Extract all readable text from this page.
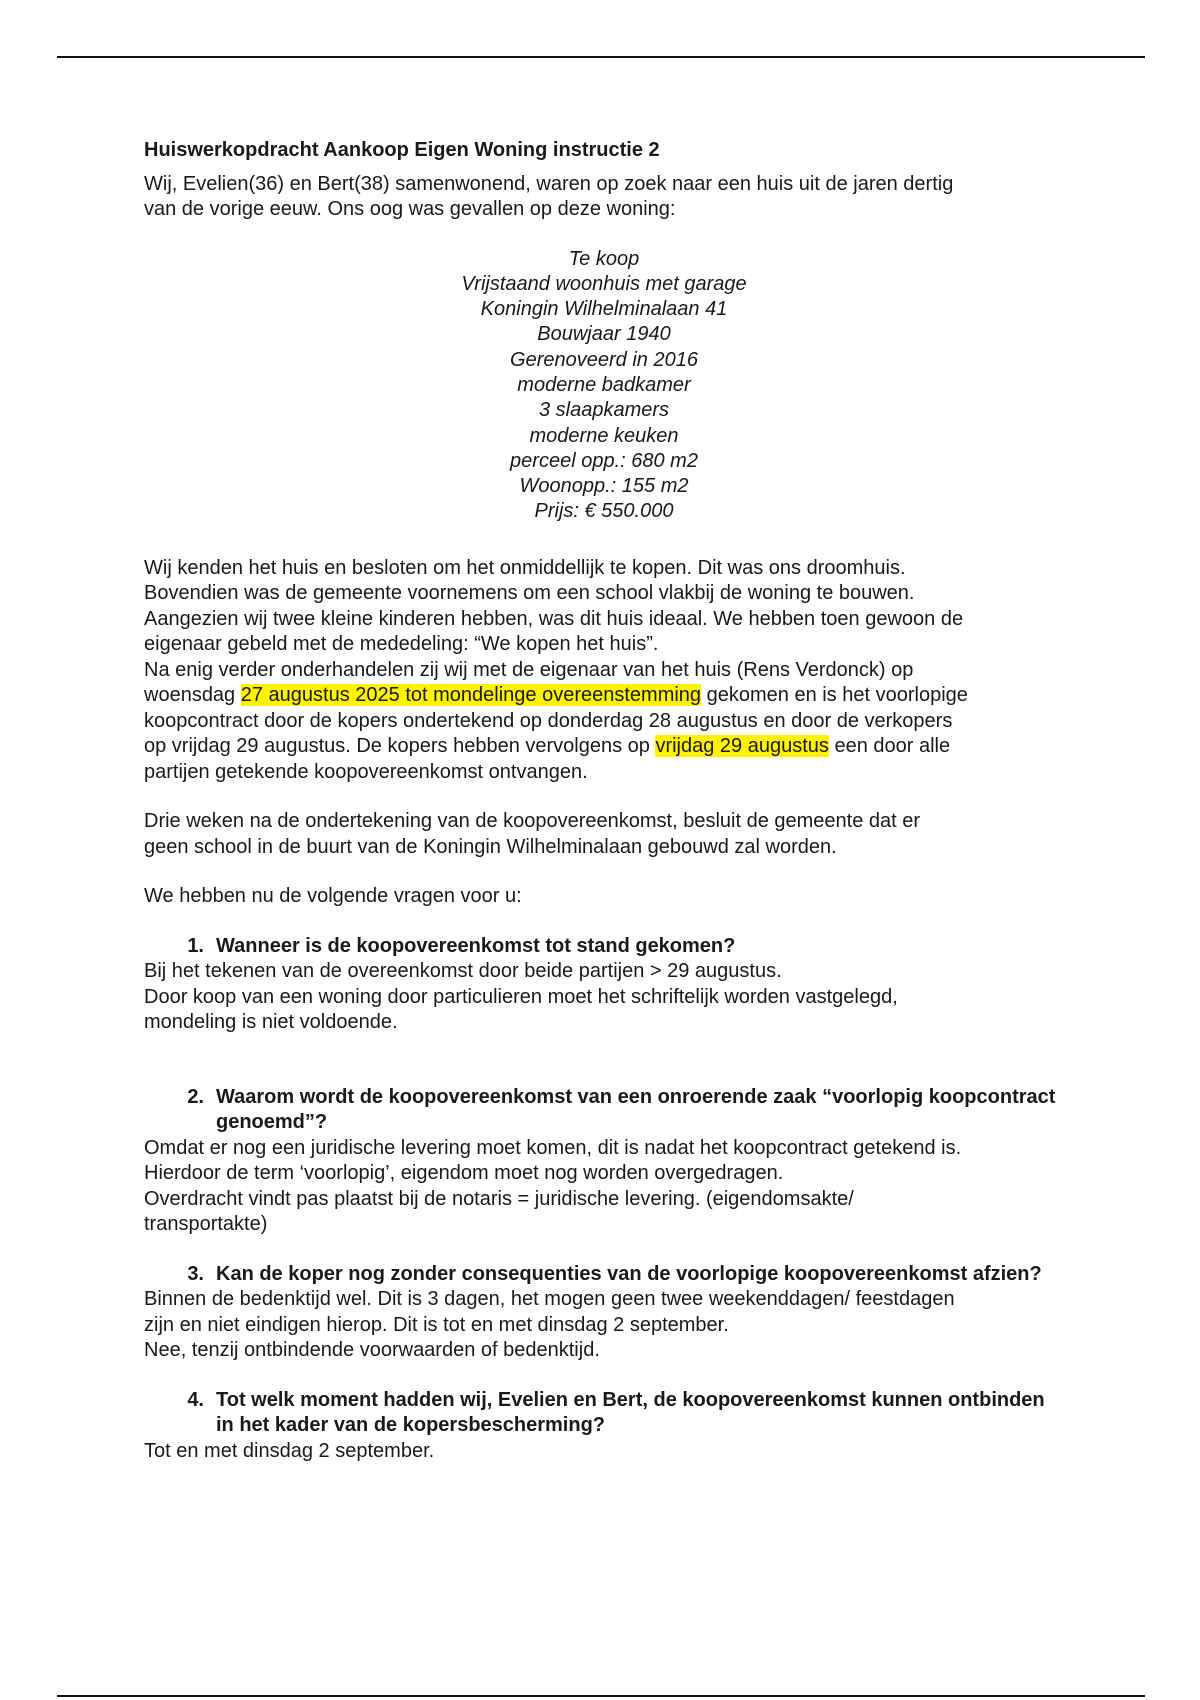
Huiswerkopdracht Aankoop Eigen Woning instructie 2

Wij, Evelien(36) en Bert(38) samenwonend, waren op zoek naar een huis uit de jaren dertig
van de vorige eeuw. Ons oog was gevallen op deze woning:
Te koop
Vrijstaand woonhuis met garage
Koningin Wilhelminalaan 41
Bouwjaar 1940
Gerenoveerd in 2016
moderne badkamer
3 slaapkamers
moderne keuken
perceel opp.: 680 m2
Woonopp.: 155 m2
Prijs: € 550.000
Wij kenden het huis en besloten om het onmiddellijk te kopen. Dit was ons droomhuis.
Bovendien was de gemeente voornemens om een school vlakbij de woning te bouwen.
Aangezien wij twee kleine kinderen hebben, was dit huis ideaal. We hebben toen gewoon de
eigenaar gebeld met de mededeling: “We kopen het huis”.
Na enig verder onderhandelen zij wij met de eigenaar van het huis (Rens Verdonck) op
woensdag 27 augustus 2025 tot mondelinge overeenstemming gekomen en is het voorlopige
koopcontract door de kopers ondertekend op donderdag 28 augustus en door de verkopers
op vrijdag 29 augustus. De kopers hebben vervolgens op vrijdag 29 augustus een door alle
partijen getekende koopovereenkomst ontvangen.
Drie weken na de ondertekening van de koopovereenkomst, besluit de gemeente dat er
geen school in de buurt van de Koningin Wilhelminalaan gebouwd zal worden.

We hebben nu de volgende vragen voor u:

1. Wanneer is de koopovereenkomst tot stand gekomen?
Bij het tekenen van de overeenkomst door beide partijen > 29 augustus.
Door koop van een woning door particulieren moet het schriftelijk worden vastgelegd,
mondeling is niet voldoende.
2. Waarom wordt de koopovereenkomst van een onroerende zaak “voorlopig koopcontract genoemd”?
Omdat er nog een juridische levering moet komen, dit is nadat het koopcontract getekend is.
Hierdoor de term ‘voorlopig’, eigendom moet nog worden overgedragen.
Overdracht vindt pas plaatst bij de notaris = juridische levering. (eigendomsakte/
transportakte)
3. Kan de koper nog zonder consequenties van de voorlopige koopovereenkomst afzien?
Binnen de bedenktijd wel. Dit is 3 dagen, het mogen geen twee weekenddagen/ feestdagen
zijn en niet eindigen hierop. Dit is tot en met dinsdag 2 september.
Nee, tenzij ontbindende voorwaarden of bedenktijd.
4. Tot welk moment hadden wij, Evelien en Bert, de koopovereenkomst kunnen ontbinden in het kader van de kopersbescherming?
Tot en met dinsdag 2 september.
